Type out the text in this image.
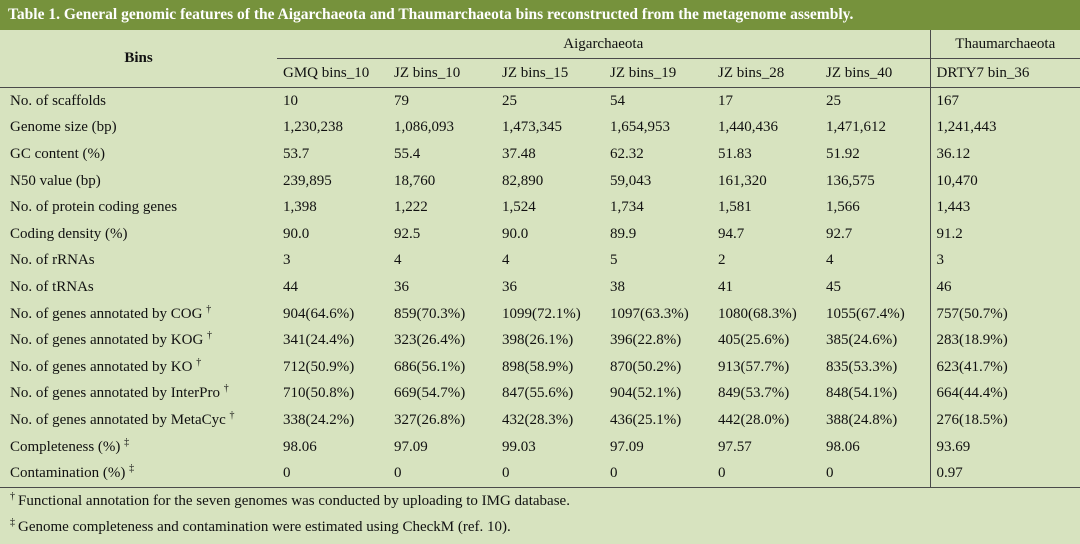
Table 1. General genomic features of the Aigarchaeota and Thaumarchaeota bins reconstructed from the metagenome assembly.
Bins	Aigarchaeota						Thaumarchaeota
	GMQ bins_10	JZ bins_10	JZ bins_15	JZ bins_19	JZ bins_28	JZ bins_40	DRTY7 bin_36
No. of scaffolds	10	79	25	54	17	25	167
Genome size (bp)	1,230,238	1,086,093	1,473,345	1,654,953	1,440,436	1,471,612	1,241,443
GC content (%)	53.7	55.4	37.48	62.32	51.83	51.92	36.12
N50 value (bp)	239,895	18,760	82,890	59,043	161,320	136,575	10,470
No. of protein coding genes	1,398	1,222	1,524	1,734	1,581	1,566	1,443
Coding density (%)	90.0	92.5	90.0	89.9	94.7	92.7	91.2
No. of rRNAs	3	4	4	5	2	4	3
No. of tRNAs	44	36	36	38	41	45	46
No. of genes annotated by COG †	904(64.6%)	859(70.3%)	1099(72.1%)	1097(63.3%)	1080(68.3%)	1055(67.4%)	757(50.7%)
No. of genes annotated by KOG †	341(24.4%)	323(26.4%)	398(26.1%)	396(22.8%)	405(25.6%)	385(24.6%)	283(18.9%)
No. of genes annotated by KO †	712(50.9%)	686(56.1%)	898(58.9%)	870(50.2%)	913(57.7%)	835(53.3%)	623(41.7%)
No. of genes annotated by InterPro †	710(50.8%)	669(54.7%)	847(55.6%)	904(52.1%)	849(53.7%)	848(54.1%)	664(44.4%)
No. of genes annotated by MetaCyc †	338(24.2%)	327(26.8%)	432(28.3%)	436(25.1%)	442(28.0%)	388(24.8%)	276(18.5%)
Completeness (%) ‡	98.06	97.09	99.03	97.09	97.57	98.06	93.69
Contamination (%) ‡	0	0	0	0	0	0	0.97
† Functional annotation for the seven genomes was conducted by uploading to IMG database.
‡ Genome completeness and contamination were estimated using CheckM (ref. 10).
